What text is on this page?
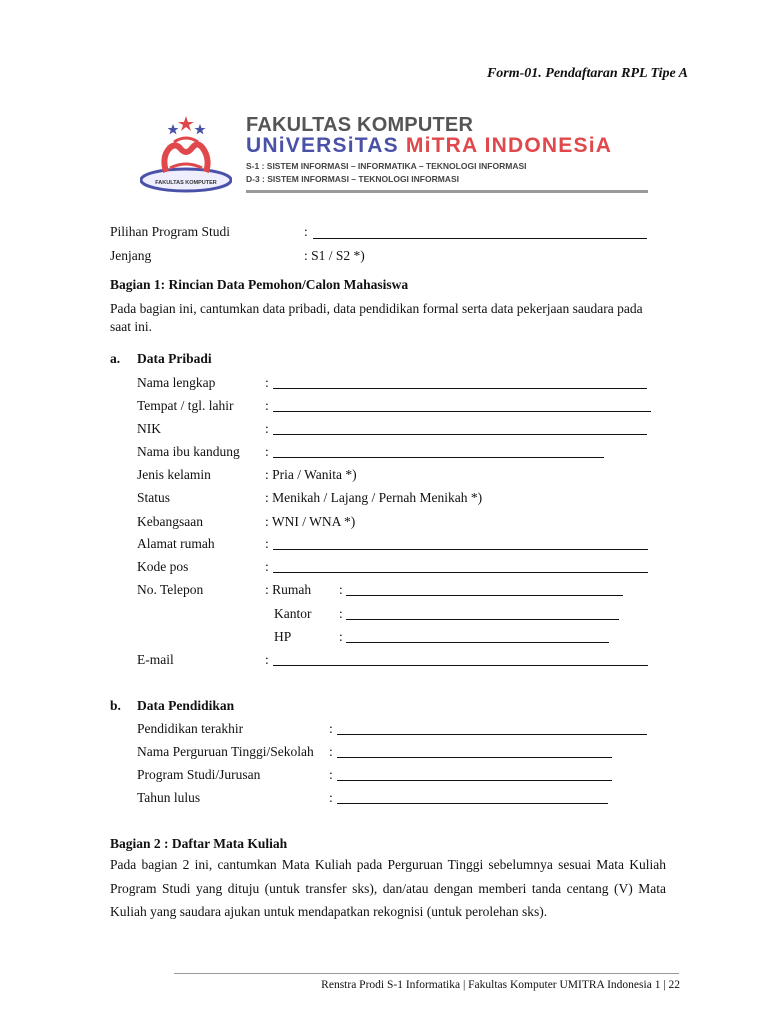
Form-01. Pendaftaran RPL Tipe A
FAKULTAS KOMPUTER
FAKULTAS KOMPUTER
UNiVERSiTAS MiTRA INDONESiA
S-1 : SISTEM INFORMASI – INFORMATIKA – TEKNOLOGI INFORMASI
D-3 : SISTEM INFORMASI – TEKNOLOGI INFORMASI
Pilihan Program Studi	:
Jenjang	: S1 / S2 *)
Bagian 1: Rincian Data Pemohon/Calon Mahasiswa
Pada bagian ini, cantumkan data pribadi, data pendidikan formal serta data pekerjaan saudara pada saat ini.
a. Data Pribadi
Nama lengkap	:
Tempat / tgl. lahir :
NIK	:
Nama ibu kandung :
Jenis kelamin	: Pria / Wanita *)
Status	: Menikah / Lajang / Pernah Menikah *)
Kebangsaan	: WNI / WNA *)
Alamat rumah	:
Kode pos	:
No. Telepon	: Rumah :
Kantor :
HP	:
E-mail	:
b. Data Pendidikan
Pendidikan terakhir	:
Nama Perguruan Tinggi/Sekolah :
Program Studi/Jurusan	:
Tahun lulus	:
Bagian 2 : Daftar Mata Kuliah
Pada bagian 2 ini, cantumkan Mata Kuliah pada Perguruan Tinggi sebelumnya sesuai Mata Kuliah Program Studi yang dituju (untuk transfer sks), dan/atau dengan memberi tanda centang (V) Mata Kuliah yang saudara ajukan untuk mendapatkan rekognisi (untuk perolehan sks).
Renstra Prodi S-1 Informatika | Fakultas Komputer UMITRA Indonesia 1 | 22
